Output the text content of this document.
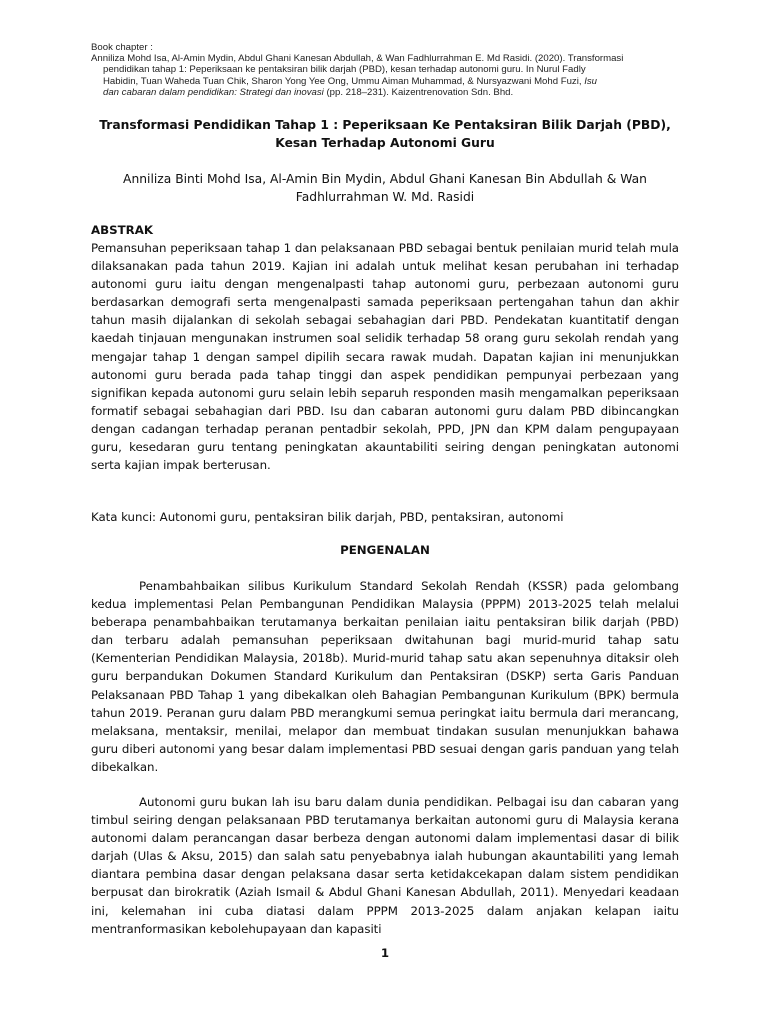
Book chapter :

Anniliza Mohd Isa, Al-Amin Mydin, Abdul Ghani Kanesan Abdullah, & Wan Fadhlurrahman E. Md Rasidi. (2020). Transformasi
pendidikan tahap 1: Peperiksaan ke pentaksiran bilik darjah (PBD), kesan terhadap autonomi guru. In Nurul Fadly
Habidin, Tuan Waheda Tuan Chik, Sharon Yong Yee Ong, Ummu Aiman Muhammad, & Nursyazwani Mohd Fuzi, Isu
dan cabaran dalam pendidikan: Strategi dan inovasi (pp. 218–231). Kaizentrenovation Sdn. Bhd.

Transformasi Pendidikan Tahap 1 : Peperiksaan Ke Pentaksiran Bilik Darjah (PBD), Kesan Terhadap Autonomi Guru

Anniliza Binti Mohd Isa, Al-Amin Bin Mydin, Abdul Ghani Kanesan Bin Abdullah & Wan Fadhlurrahman W. Md. Rasidi

ABSTRAK

Pemansuhan peperiksaan tahap 1 dan pelaksanaan PBD sebagai bentuk penilaian murid telah mula dilaksanakan pada tahun 2019. Kajian ini adalah untuk melihat kesan perubahan ini terhadap autonomi guru iaitu dengan mengenalpasti tahap autonomi guru, perbezaan autonomi guru berdasarkan demografi serta mengenalpasti samada peperiksaan pertengahan tahun dan akhir tahun masih dijalankan di sekolah sebagai sebahagian dari PBD. Pendekatan kuantitatif dengan kaedah tinjauan mengunakan instrumen soal selidik terhadap 58 orang guru sekolah rendah yang mengajar tahap 1 dengan sampel dipilih secara rawak mudah. Dapatan kajian ini menunjukkan autonomi guru berada pada tahap tinggi dan aspek pendidikan pempunyai perbezaan yang signifikan kepada autonomi guru selain lebih separuh responden masih mengamalkan peperiksaan formatif sebagai sebahagian dari PBD. Isu dan cabaran autonomi guru dalam PBD dibincangkan dengan cadangan terhadap peranan pentadbir sekolah, PPD, JPN dan KPM dalam pengupayaan guru, kesedaran guru tentang peningkatan akauntabiliti seiring dengan peningkatan autonomi serta kajian impak berterusan.

Kata kunci: Autonomi guru, pentaksiran bilik darjah, PBD, pentaksiran, autonomi

PENGENALAN

Penambahbaikan silibus Kurikulum Standard Sekolah Rendah (KSSR) pada gelombang kedua implementasi Pelan Pembangunan Pendidikan Malaysia (PPPM) 2013-2025 telah melalui beberapa penambahbaikan terutamanya berkaitan penilaian iaitu pentaksiran bilik darjah (PBD) dan terbaru adalah pemansuhan peperiksaan dwitahunan bagi murid-murid tahap satu (Kementerian Pendidikan Malaysia, 2018b). Murid-murid tahap satu akan sepenuhnya ditaksir oleh guru berpandukan Dokumen Standard Kurikulum dan Pentaksiran (DSKP) serta Garis Panduan Pelaksanaan PBD Tahap 1 yang dibekalkan oleh Bahagian Pembangunan Kurikulum (BPK) bermula tahun 2019. Peranan guru dalam PBD merangkumi semua peringkat iaitu bermula dari merancang, melaksana, mentaksir, menilai, melapor dan membuat tindakan susulan menunjukkan bahawa guru diberi autonomi yang besar dalam implementasi PBD sesuai dengan garis panduan yang telah dibekalkan.

Autonomi guru bukan lah isu baru dalam dunia pendidikan. Pelbagai isu dan cabaran yang timbul seiring dengan pelaksanaan PBD terutamanya berkaitan autonomi guru di Malaysia kerana autonomi dalam perancangan dasar berbeza dengan autonomi dalam implementasi dasar di bilik darjah (Ulas & Aksu, 2015) dan salah satu penyebabnya ialah hubungan akauntabiliti yang lemah diantara pembina dasar dengan pelaksana dasar serta ketidakcekapan dalam sistem pendidikan berpusat dan birokratik (Aziah Ismail & Abdul Ghani Kanesan Abdullah, 2011). Menyedari keadaan ini, kelemahan ini cuba diatasi dalam PPPM 2013-2025 dalam anjakan kelapan iaitu mentranformasikan kebolehupayaan dan kapasiti

1
